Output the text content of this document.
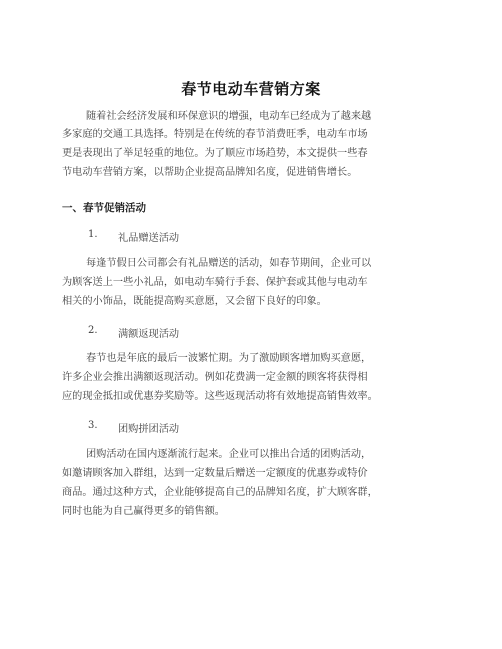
春节电动车营销方案
随着社会经济发展和环保意识的增强，电动车已经成为了越来越
多家庭的交通工具选择。特别是在传统的春节消费旺季，电动车市场
更是表现出了举足轻重的地位。为了顺应市场趋势，本文提供一些春
节电动车营销方案，以帮助企业提高品牌知名度，促进销售增长。
一、春节促销活动
1. 礼品赠送活动
每逢节假日公司都会有礼品赠送的活动，如春节期间，企业可以
为顾客送上一些小礼品，如电动车骑行手套、保护套或其他与电动车
相关的小饰品，既能提高购买意愿，又会留下良好的印象。
2. 满额返现活动
春节也是年底的最后一波繁忙期。为了激励顾客增加购买意愿，
许多企业会推出满额返现活动。例如花费满一定金额的顾客将获得相
应的现金抵扣或优惠券奖励等。这些返现活动将有效地提高销售效率。
3. 团购拼团活动
团购活动在国内逐渐流行起来。企业可以推出合适的团购活动，
如邀请顾客加入群组，达到一定数量后赠送一定额度的优惠券或特价
商品。通过这种方式，企业能够提高自己的品牌知名度，扩大顾客群，
同时也能为自己赢得更多的销售额。
